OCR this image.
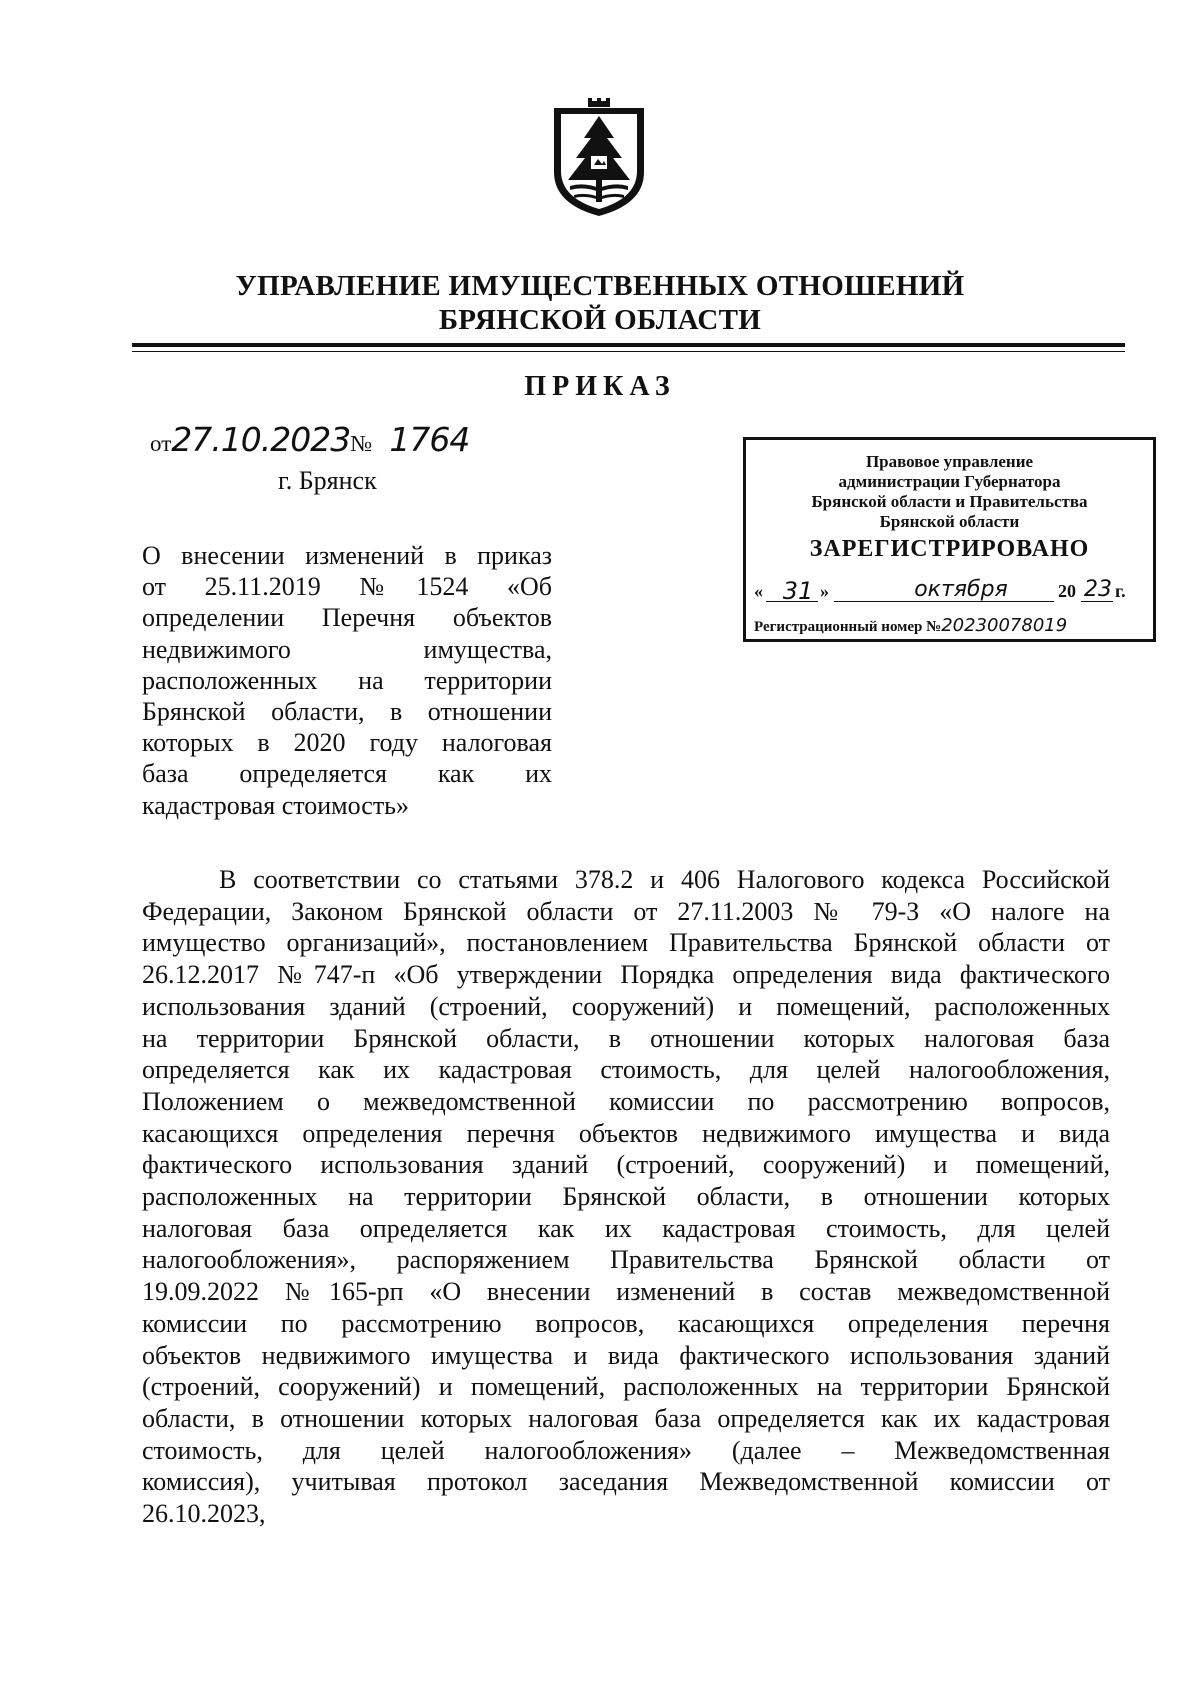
УПРАВЛЕНИЕ ИМУЩЕСТВЕННЫХ ОТНОШЕНИЙ
БРЯНСКОЙ ОБЛАСТИ
ПРИКАЗ
от27.10.2023№ 1764
г. Брянск
Правовое управление
администрации Губернатора
Брянской области и Правительства
Брянской области
ЗАРЕГИСТРИРОВАНО
« 31 »	октября	20 23 г.
Регистрационный номер №20230078019
О внесении изменений в приказ
от 25.11.2019 №1524 «Об
определении Перечня объектов
недвижимого имущества,
расположенных на территории
Брянской области, в отношении
которых в 2020 году налоговая
база определяется как их
кадастровая стоимость»
В соответствии со статьями 378.2 и 406 Налогового кодекса Российской
Федерации, Законом Брянской области от 27.11.2003 № 79-З «О налоге на
имущество организаций», постановлением Правительства Брянской области от
26.12.2017 №747-п «Об утверждении Порядка определения вида фактического
использования зданий (строений, сооружений) и помещений, расположенных
на территории Брянской области, в отношении которых налоговая база
определяется как их кадастровая стоимость, для целей налогообложения,
Положением о межведомственной комиссии по рассмотрению вопросов,
касающихся определения перечня объектов недвижимого имущества и вида
фактического использования зданий (строений, сооружений) и помещений,
расположенных на территории Брянской области, в отношении которых
налоговая база определяется как их кадастровая стоимость, для целей
налогообложения», распоряжением Правительства Брянской области от
19.09.2022 №165-рп «О внесении изменений в состав межведомственной
комиссии по рассмотрению вопросов, касающихся определения перечня
объектов недвижимого имущества и вида фактического использования зданий
(строений, сооружений) и помещений, расположенных на территории Брянской
области, в отношении которых налоговая база определяется как их кадастровая
стоимость, для целей налогообложения» (далее – Межведомственная
комиссия), учитывая протокол заседания Межведомственной комиссии от
26.10.2023,
